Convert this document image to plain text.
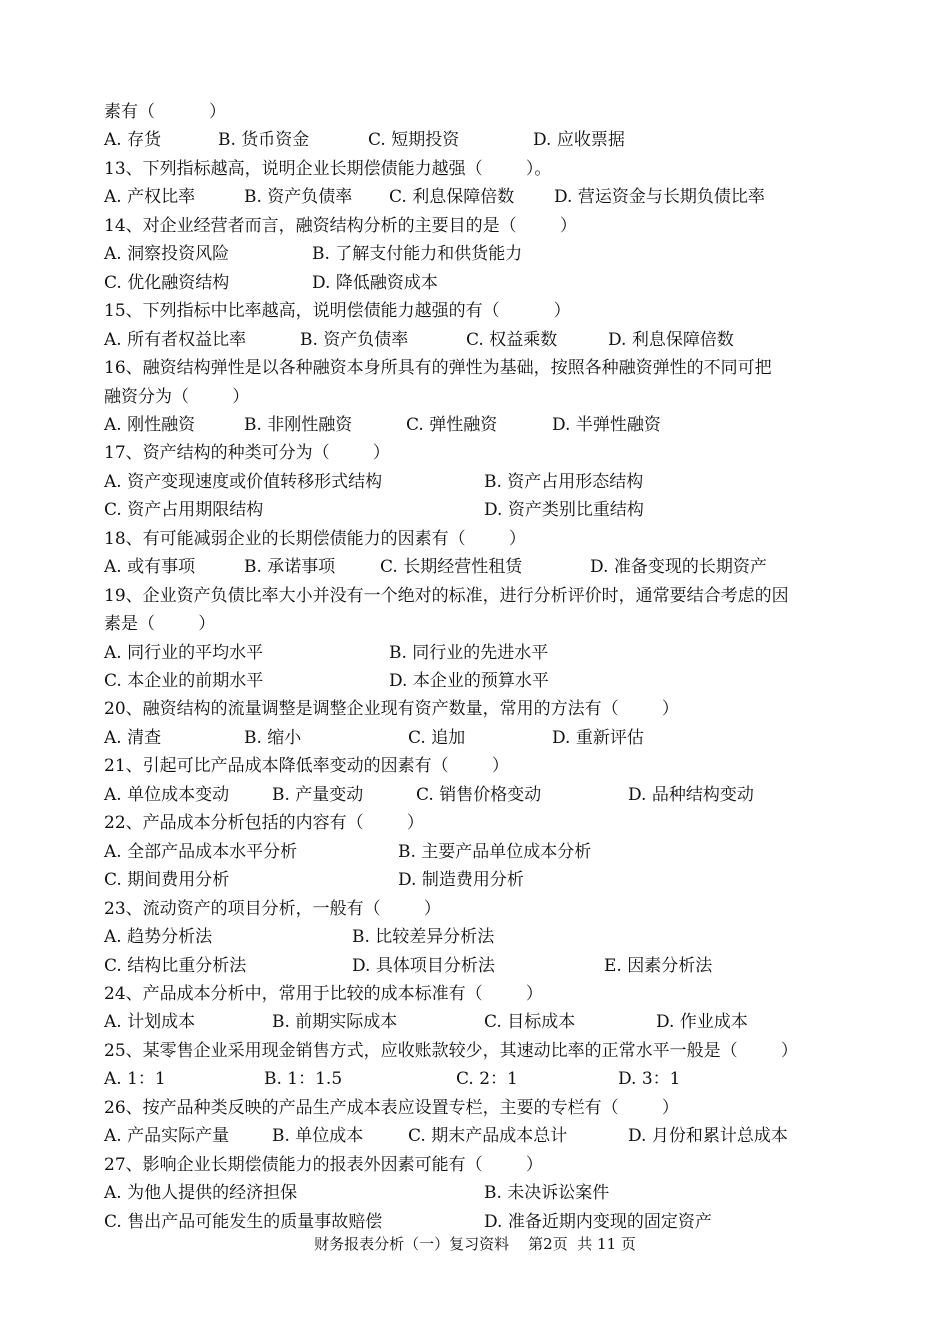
素有（          ）
A. 存货	B. 货币资金	C. 短期投资	D. 应收票据
13、下列指标越高，说明企业长期偿债能力越强（        ）。
A. 产权比率	B. 资产负债率 C. 利息保障倍数 D. 营运资金与长期负债比率
14、对企业经营者而言，融资结构分析的主要目的是（        ）
A. 洞察投资风险	B. 了解支付能力和供货能力
C. 优化融资结构	D. 降低融资成本
15、下列指标中比率越高，说明偿债能力越强的有（          ）
A. 所有者权益比率	B. 资产负债率	C. 权益乘数	D. 利息保障倍数
16、融资结构弹性是以各种融资本身所具有的弹性为基础，按照各种融资弹性的不同可把
融资分为（        ）
A. 刚性融资	B. 非刚性融资	C. 弹性融资	D. 半弹性融资
17、资产结构的种类可分为（        ）
A. 资产变现速度或价值转移形式结构	B. 资产占用形态结构
C. 资产占用期限结构	D. 资产类别比重结构
18、有可能减弱企业的长期偿债能力的因素有（        ）
A. 或有事项	B. 承诺事项	C. 长期经营性租赁	D. 准备变现的长期资产
19、企业资产负债比率大小并没有一个绝对的标准，进行分析评价时，通常要结合考虑的因
素是（        ）
A. 同行业的平均水平	B. 同行业的先进水平
C. 本企业的前期水平	D. 本企业的预算水平
20、融资结构的流量调整是调整企业现有资产数量，常用的方法有（        ）
A. 清查	B. 缩小	C. 追加	D. 重新评估
21、引起可比产品成本降低率变动的因素有（        ）
A. 单位成本变动	B. 产量变动	C. 销售价格变动	D. 品种结构变动
22、产品成本分析包括的内容有（        ）
A. 全部产品成本水平分析	B. 主要产品单位成本分析
C. 期间费用分析	D. 制造费用分析
23、流动资产的项目分析，一般有（        ）
A. 趋势分析法	B. 比较差异分析法
C. 结构比重分析法	D. 具体项目分析法	E. 因素分析法
24、产品成本分析中，常用于比较的成本标准有（        ）
A. 计划成本	B. 前期实际成本	C. 目标成本	D. 作业成本
25、某零售企业采用现金销售方式，应收账款较少，其速动比率的正常水平一般是（        ）
A. 1：1	B. 1：1.5	C. 2：1	D. 3：1
26、按产品种类反映的产品生产成本表应设置专栏，主要的专栏有（        ）
A. 产品实际产量	B. 单位成本	C. 期末产品成本总计	D. 月份和累计总成本
27、影响企业长期偿债能力的报表外因素可能有（        ）
A. 为他人提供的经济担保	B. 未决诉讼案件
C. 售出产品可能发生的质量事故赔偿	D. 准备近期内变现的固定资产
财务报表分析（一）复习资料    第2页  共 11 页
